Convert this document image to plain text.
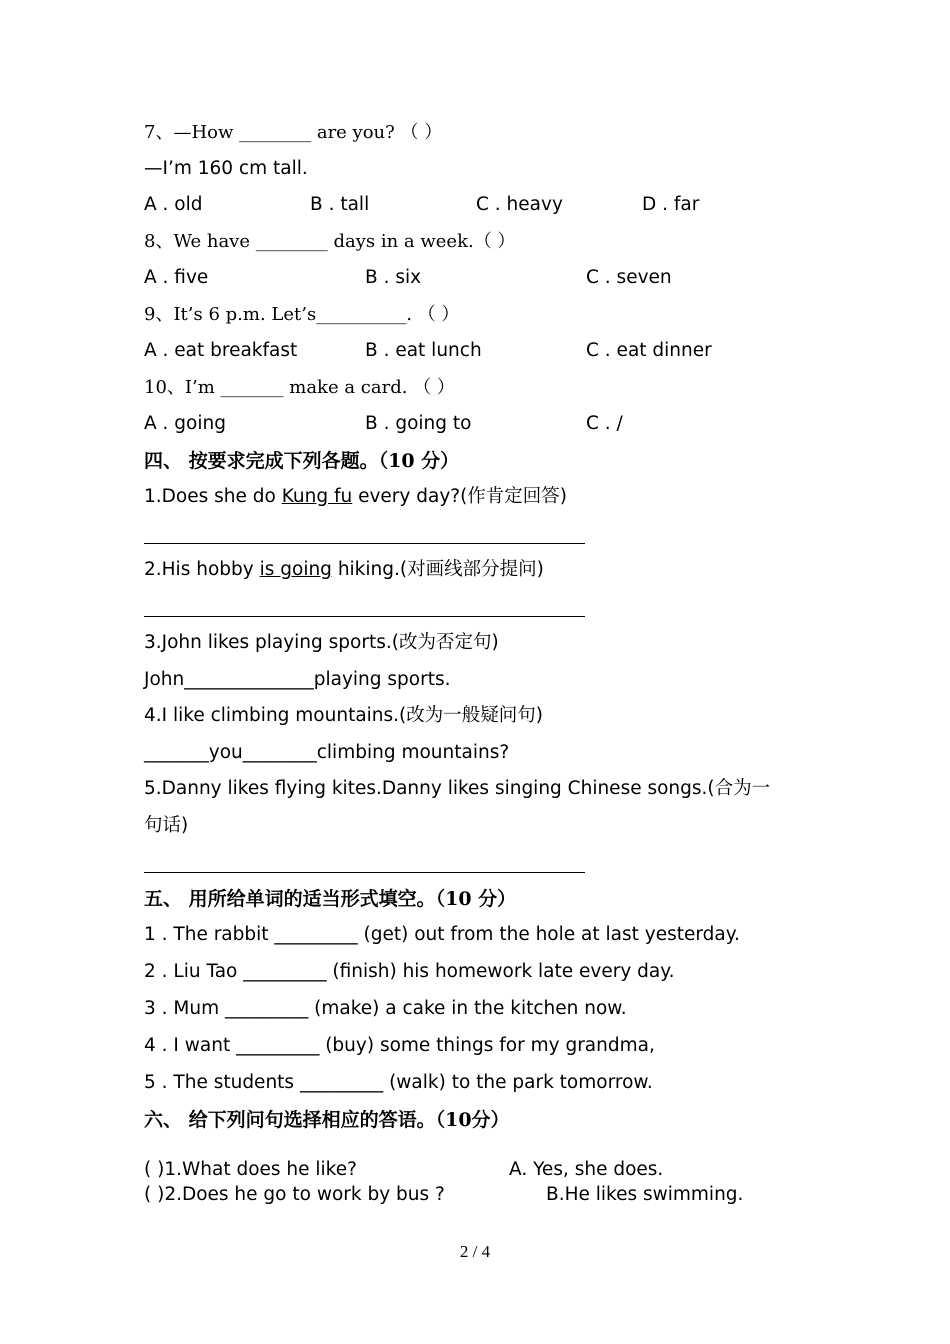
7、—How ________ are you? （ ）
—I’m 160 cm tall.
A . old	B . tall	C . heavy	D . far
8、We have ________ days in a week.（ ）
A . five	B . six	C . seven
9、It’s 6 p.m. Let’s__________. （ ）
A . eat breakfast	B . eat lunch	C . eat dinner
10、I’m _______ make a card. （ ）
A . going	B . going to	C . /
四、 按要求完成下列各题。（10 分）
1.Does she do Kung fu every day?(作肯定回答)
2.His hobby is going hiking.(对画线部分提问)
3.John likes playing sports.(改为否定句)
John______________playing sports.
4.I like climbing mountains.(改为一般疑问句)
_______you________climbing mountains?
5.Danny likes flying kites.Danny likes singing Chinese songs.(合为一
句话)
五、 用所给单词的适当形式填空。（10 分）
1 . The rabbit _________ (get) out from the hole at last yesterday.
2 . Liu Tao _________ (finish) his homework late every day.
3 . Mum _________ (make) a cake in the kitchen now.
4 . I want _________ (buy) some things for my grandma,
5 . The students _________ (walk) to the park tomorrow.
六、 给下列问句选择相应的答语。（10分）
( )1.What does he like?	A. Yes, she does.
( )2.Does he go to work by bus ?	B.He likes swimming.
2 / 4
